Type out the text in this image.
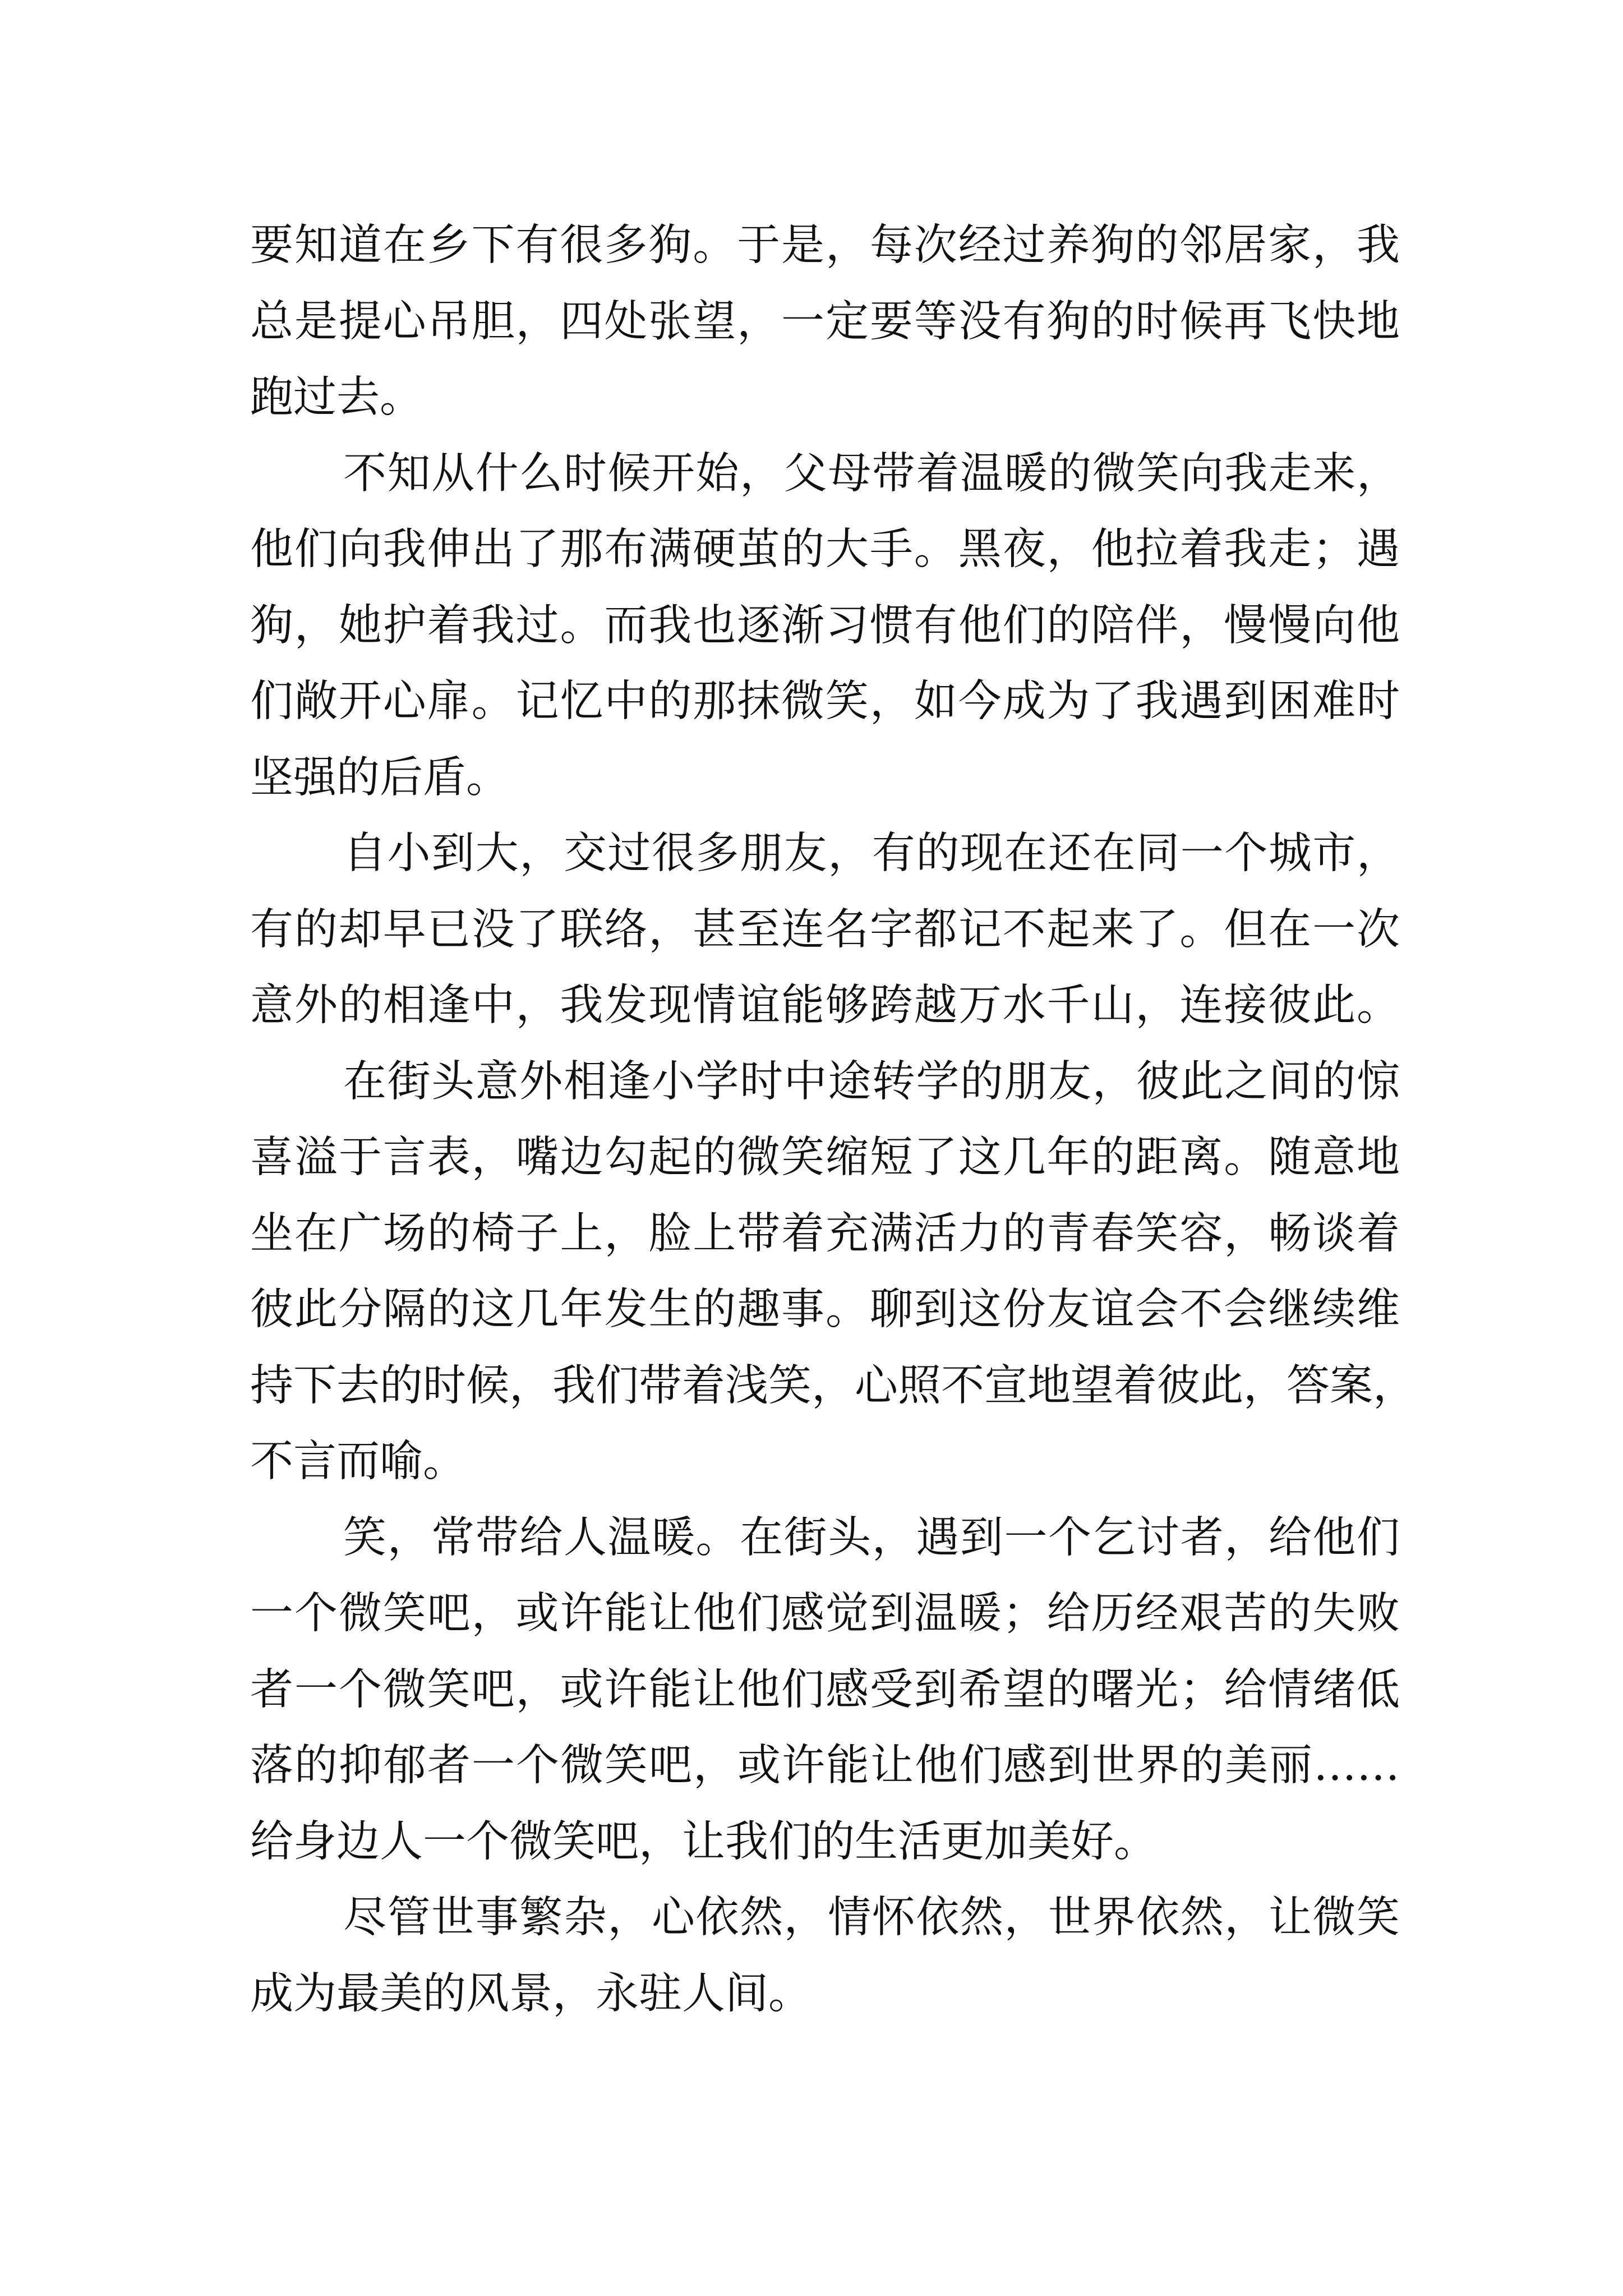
要知道在乡下有很多狗。于是，每次经过养狗的邻居家，我
总是提心吊胆，四处张望，一定要等没有狗的时候再飞快地
跑过去。
不知从什么时候开始，父母带着温暖的微笑向我走来，
他们向我伸出了那布满硬茧的大手。黑夜，他拉着我走；遇
狗，她护着我过。而我也逐渐习惯有他们的陪伴，慢慢向他
们敞开心扉。记忆中的那抹微笑，如今成为了我遇到困难时
坚强的后盾。
自小到大，交过很多朋友，有的现在还在同一个城市，
有的却早已没了联络，甚至连名字都记不起来了。但在一次
意外的相逢中，我发现情谊能够跨越万水千山，连接彼此。
在街头意外相逢小学时中途转学的朋友，彼此之间的惊
喜溢于言表，嘴边勾起的微笑缩短了这几年的距离。随意地
坐在广场的椅子上，脸上带着充满活力的青春笑容，畅谈着
彼此分隔的这几年发生的趣事。聊到这份友谊会不会继续维
持下去的时候，我们带着浅笑，心照不宣地望着彼此，答案，
不言而喻。
笑，常带给人温暖。在街头，遇到一个乞讨者，给他们
一个微笑吧，或许能让他们感觉到温暖；给历经艰苦的失败
者一个微笑吧，或许能让他们感受到希望的曙光；给情绪低
落的抑郁者一个微笑吧，或许能让他们感到世界的美丽……
给身边人一个微笑吧，让我们的生活更加美好。
尽管世事繁杂，心依然，情怀依然，世界依然，让微笑
成为最美的风景，永驻人间。
